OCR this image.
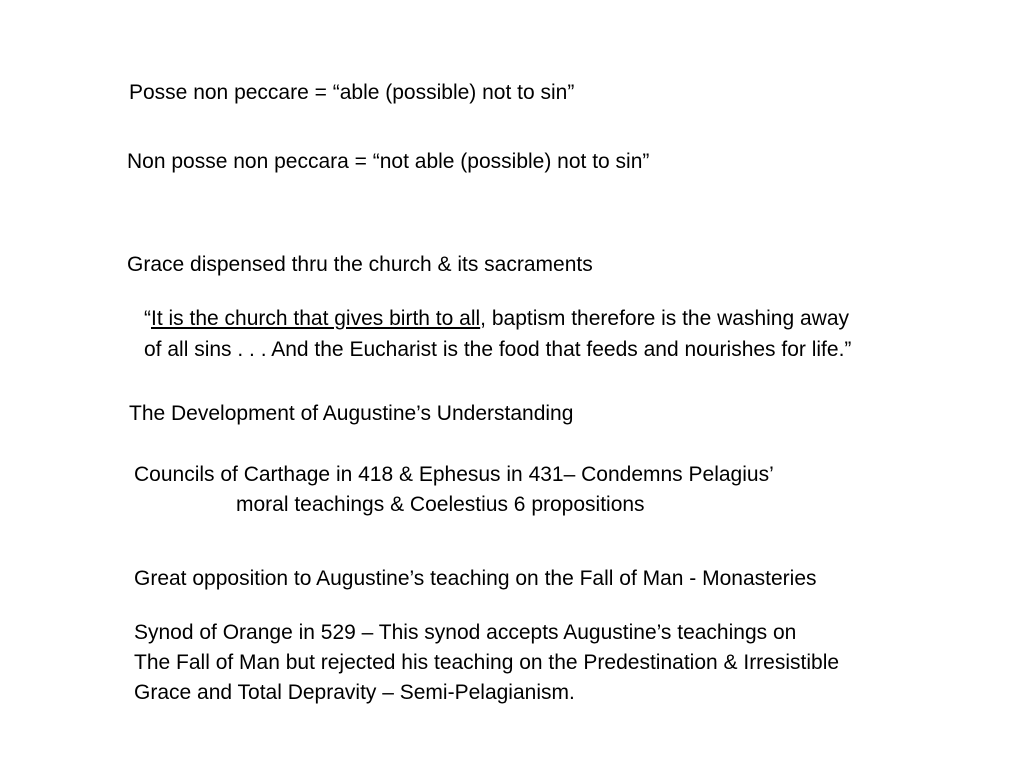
Posse non peccare = “able (possible) not to sin”
Non posse non peccara = “not able (possible) not to sin”
Grace dispensed thru the church & its sacraments
“It is the church that gives birth to all, baptism therefore is the washing away
of all sins . . . And the Eucharist is the food that feeds and nourishes for life.”
The Development of Augustine’s Understanding
Councils of Carthage in 418 & Ephesus in 431– Condemns Pelagius’
moral teachings & Coelestius 6 propositions
Great opposition to Augustine’s teaching on the Fall of Man - Monasteries
Synod of Orange in 529 – This synod accepts Augustine’s teachings on
The Fall of Man but rejected his teaching on the Predestination & Irresistible
Grace and Total Depravity – Semi-Pelagianism.
